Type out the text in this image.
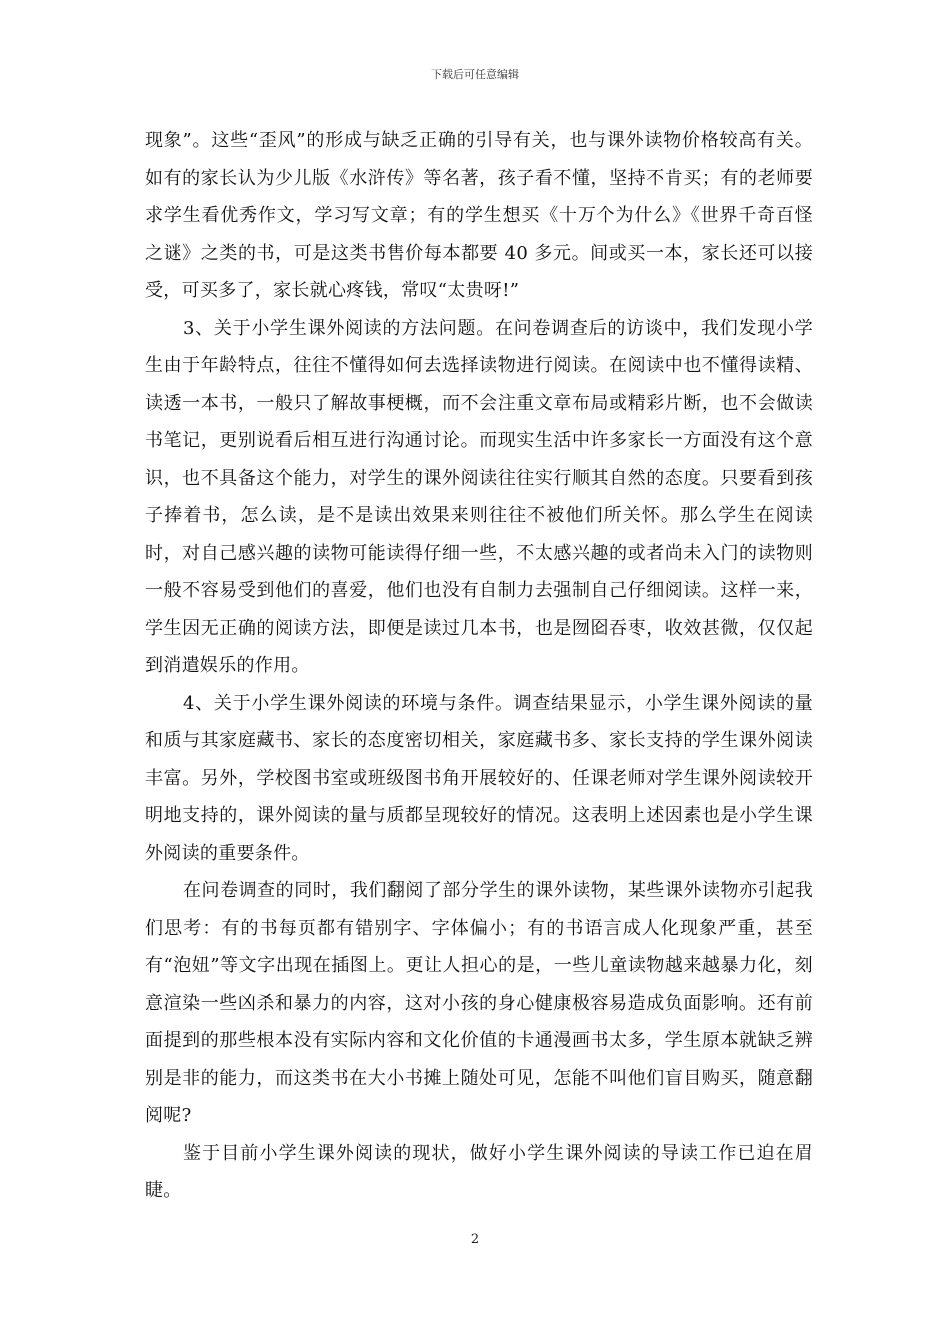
下载后可任意编辑

现象”。这些“歪风”的形成与缺乏正确的引导有关，也与课外读物价格较高有关。如有的家长认为少儿版《水浒传》等名著，孩子看不懂，坚持不肯买；有的老师要求学生看优秀作文，学习写文章；有的学生想买《十万个为什么》《世界千奇百怪之谜》之类的书，可是这类书售价每本都要 40 多元。间或买一本，家长还可以接受，可买多了，家长就心疼钱，常叹“太贵呀!”

3、关于小学生课外阅读的方法问题。在问卷调查后的访谈中，我们发现小学生由于年龄特点，往往不懂得如何去选择读物进行阅读。在阅读中也不懂得读精、读透一本书，一般只了解故事梗概，而不会注重文章布局或精彩片断，也不会做读书笔记，更别说看后相互进行沟通讨论。而现实生活中许多家长一方面没有这个意识，也不具备这个能力，对学生的课外阅读往往实行顺其自然的态度。只要看到孩子捧着书，怎么读，是不是读出效果来则往往不被他们所关怀。那么学生在阅读时，对自己感兴趣的读物可能读得仔细一些，不太感兴趣的或者尚未入门的读物则一般不容易受到他们的喜爱，他们也没有自制力去强制自己仔细阅读。这样一来，学生因无正确的阅读方法，即便是读过几本书，也是囫囵吞枣，收效甚微，仅仅起到消遣娱乐的作用。

4、关于小学生课外阅读的环境与条件。调查结果显示，小学生课外阅读的量和质与其家庭藏书、家长的态度密切相关，家庭藏书多、家长支持的学生课外阅读丰富。另外，学校图书室或班级图书角开展较好的、任课老师对学生课外阅读较开明地支持的，课外阅读的量与质都呈现较好的情况。这表明上述因素也是小学生课外阅读的重要条件。

在问卷调查的同时，我们翻阅了部分学生的课外读物，某些课外读物亦引起我们思考：有的书每页都有错别字、字体偏小；有的书语言成人化现象严重，甚至有“泡妞”等文字出现在插图上。更让人担心的是，一些儿童读物越来越暴力化，刻意渲染一些凶杀和暴力的内容，这对小孩的身心健康极容易造成负面影响。还有前面提到的那些根本没有实际内容和文化价值的卡通漫画书太多，学生原本就缺乏辨别是非的能力，而这类书在大小书摊上随处可见，怎能不叫他们盲目购买，随意翻阅呢?

鉴于目前小学生课外阅读的现状，做好小学生课外阅读的导读工作已迫在眉睫。

2
